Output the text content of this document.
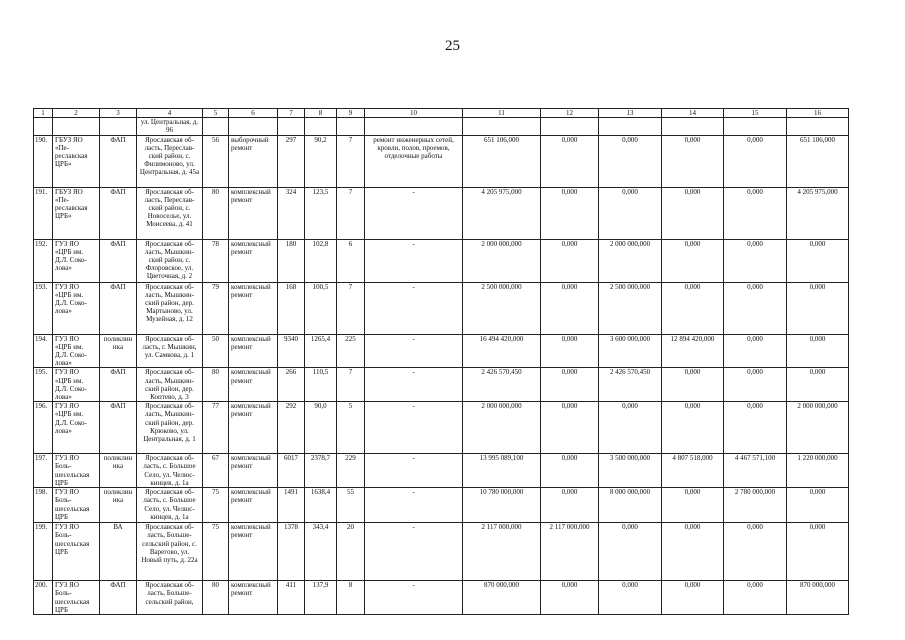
25
1	2	3	4	5	6	7	8	9	10	11	12	13	14	15	16
			ул. Центральная, д. 96												
190.	ГБУЗ ЯО «Пе-реславская ЦРБ»	ФАП	Ярославская об-ласть, Переслав-ский район, с. Филимоново, ул. Центральная, д. 45а	56	выборочный ремонт	297	90,2	7	ремонт инженерных сетей, кровли, полов, проемов, отделочные работы	651 106,000	0,000	0,000	0,000	0,000	651 106,000
191.	ГБУЗ ЯО «Пе-реславская ЦРБ»	ФАП	Ярославская об-ласть, Переслав-ский район, с. Новоселье, ул. Моисеева, д. 41	80	комплексный ремонт	324	123,5	7	-	4 205 975,000	0,000	0,000	0,000	0,000	4 205 975,000
192.	ГУЗ ЯО «ЦРБ им. Д.Л. Соко-лова»	ФАП	Ярославская об-ласть, Мышкин-ский район, с. Флоровское, ул. Цветочная, д. 2	78	комплексный ремонт	180	102,8	6	-	2 000 000,000	0,000	2 000 000,000	0,000	0,000	0,000
193.	ГУЗ ЯО «ЦРБ им. Д.Л. Соко-лова»	ФАП	Ярославская об-ласть, Мышкин-ский район, дер. Мартыново, ул. Музейная, д. 12	79	комплексный ремонт	168	100,5	7	-	2 500 000,000	0,000	2 500 000,000	0,000	0,000	0,000
194.	ГУЗ ЯО «ЦРБ им. Д.Л. Соко-лова»	поликлиника	Ярославская об-ласть, г. Мышкин, ул. Самкова, д. 1	50	комплексный ремонт	9340	1265,4	225	-	16 494 420,000	0,000	3 600 000,000	12 894 420,000	0,000	0,000
195.	ГУЗ ЯО «ЦРБ им. Д.Л. Соко-лова»	ФАП	Ярославская об-ласть, Мышкин-ский район, дер. Коптево, д. 3	80	комплексный ремонт	266	110,5	7	-	2 426 570,450	0,000	2 426 570,450	0,000	0,000	0,000
196.	ГУЗ ЯО «ЦРБ им. Д.Л. Соко-лова»	ФАП	Ярославская об-ласть, Мышкин-ский район, дер. Крюково, ул. Центральная, д. 1	77	комплексный ремонт	292	90,0	5	-	2 000 000,000	0,000	0,000	0,000	0,000	2 000 000,000
197.	ГУЗ ЯО Боль-шесельская ЦРБ	поликлиника	Ярославская об-ласть, с. Большое Село, ул. Челюс-кинцев, д. 1а	67	комплексный ремонт	6017	2378,7	229	-	13 995 089,100	0,000	3 500 000,000	4 807 518,000	4 467 571,100	1 220 000,000
198.	ГУЗ ЯО Боль-шесельская ЦРБ	поликлиника	Ярославская об-ласть, с. Большое Село, ул. Челюс-кинцев, д. 1а	75	комплексный ремонт	1491	1638,4	55	-	10 780 000,000	0,000	8 000 000,000	0,000	2 780 000,000	0,000
199.	ГУЗ ЯО Боль-шесельская ЦРБ	ВА	Ярославская об-ласть, Больше-сельский район, с. Варегово, ул. Новый путь, д. 22а	75	комплексный ремонт	1378	343,4	20	-	2 117 000,000	2 117 000,000	0,000	0,000	0,000	0,000
200.	ГУЗ ЯО Боль-шесельская ЦРБ	ФАП	Ярославская об-ласть, Больше-сельский район,	80	комплексный ремонт	411	137,9	8	-	870 000,000	0,000	0,000	0,000	0,000	870 000,000
